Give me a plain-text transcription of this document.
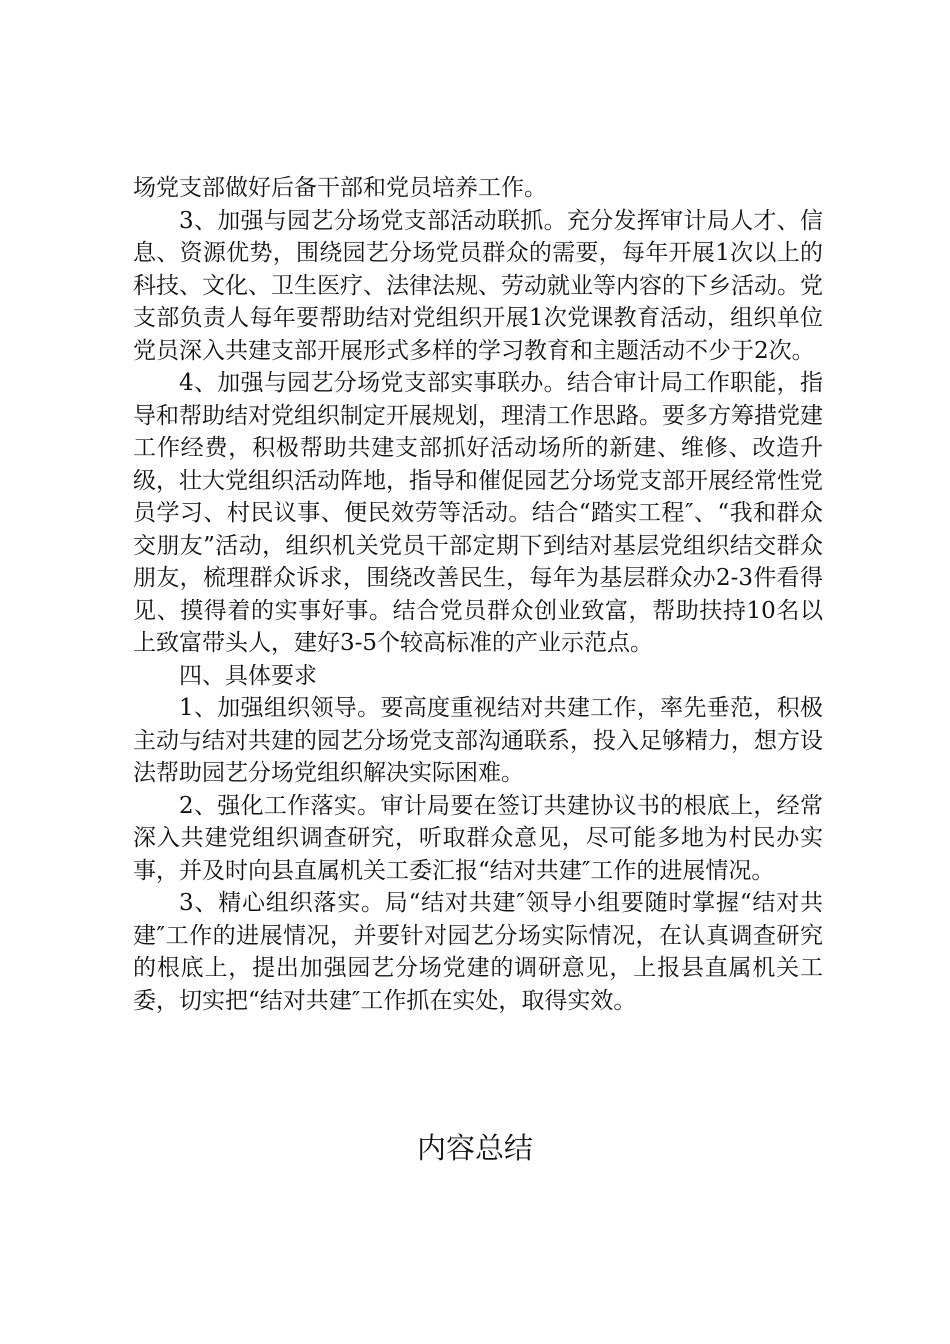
场党支部做好后备干部和党员培养工作。

3、加强与园艺分场党支部活动联抓。充分发挥审计局人才、信息、资源优势，围绕园艺分场党员群众的需要，每年开展1次以上的科技、文化、卫生医疗、法律法规、劳动就业等内容的下乡活动。党支部负责人每年要帮助结对党组织开展1次党课教育活动，组织单位党员深入共建支部开展形式多样的学习教育和主题活动不少于2次。

4、加强与园艺分场党支部实事联办。结合审计局工作职能，指导和帮助结对党组织制定开展规划，理清工作思路。要多方筹措党建工作经费，积极帮助共建支部抓好活动场所的新建、维修、改造升级，壮大党组织活动阵地，指导和催促园艺分场党支部开展经常性党员学习、村民议事、便民效劳等活动。结合“踏实工程″、“我和群众交朋友”活动，组织机关党员干部定期下到结对基层党组织结交群众朋友，梳理群众诉求，围绕改善民生，每年为基层群众办2-3件看得见、摸得着的实事好事。结合党员群众创业致富，帮助扶持10名以上致富带头人，建好3-5个较高标准的产业示范点。

四、具体要求

1、加强组织领导。要高度重视结对共建工作，率先垂范，积极主动与结对共建的园艺分场党支部沟通联系，投入足够精力，想方设法帮助园艺分场党组织解决实际困难。

2、强化工作落实。审计局要在签订共建协议书的根底上，经常深入共建党组织调查研究，听取群众意见，尽可能多地为村民办实事，并及时向县直属机关工委汇报“结对共建″工作的进展情况。

3、精心组织落实。局“结对共建″领导小组要随时掌握“结对共建″工作的进展情况，并要针对园艺分场实际情况，在认真调查研究的根底上，提出加强园艺分场党建的调研意见，上报县直属机关工委，切实把“结对共建″工作抓在实处，取得实效。

内容总结
